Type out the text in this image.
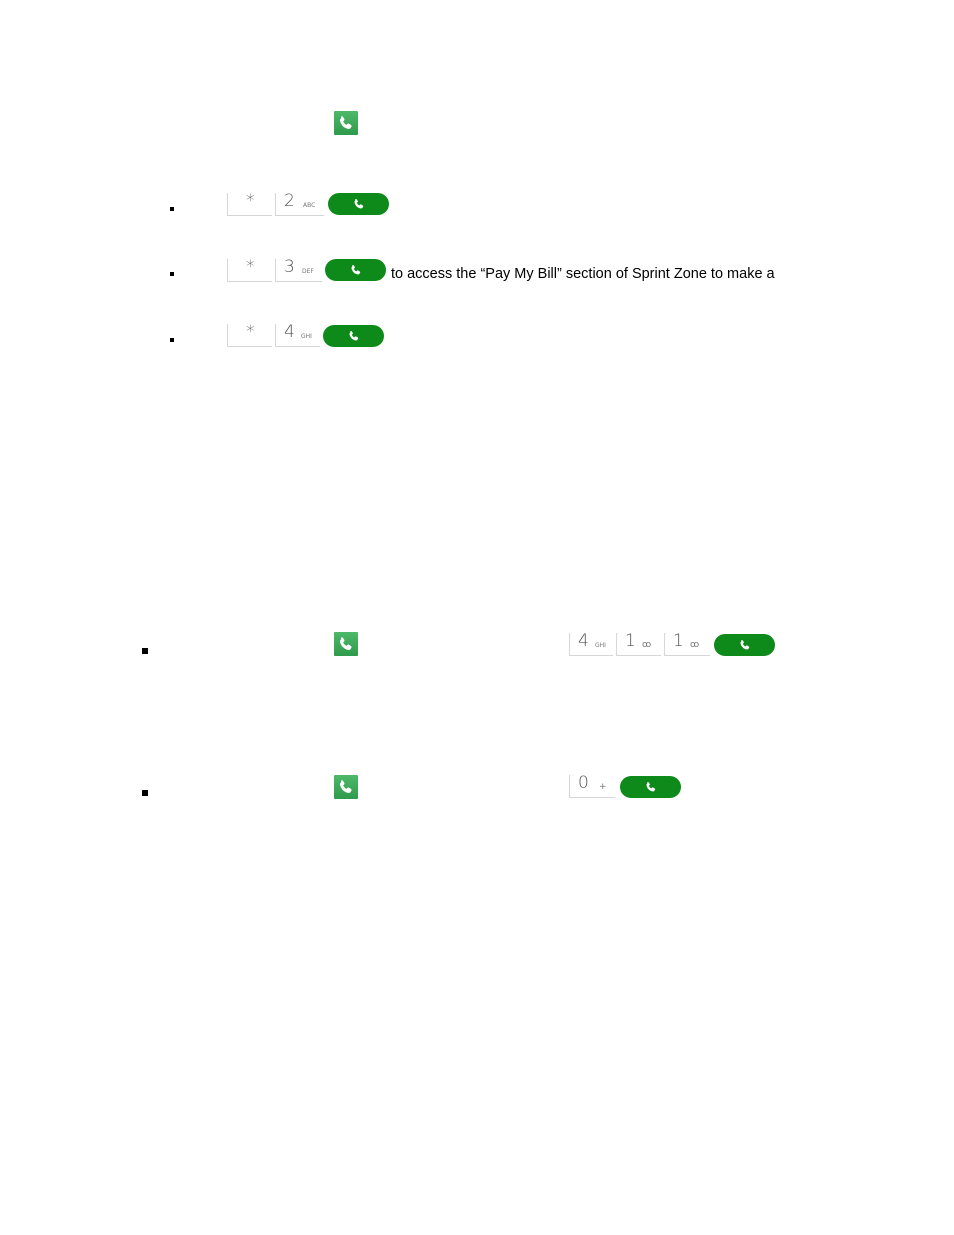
* 2 ABC
* 3 DEF	to access the “Pay My Bill” section of Sprint Zone to make a
* 4 GHI
4 GHI 1 ꝏ 1 ꝏ
0 +
